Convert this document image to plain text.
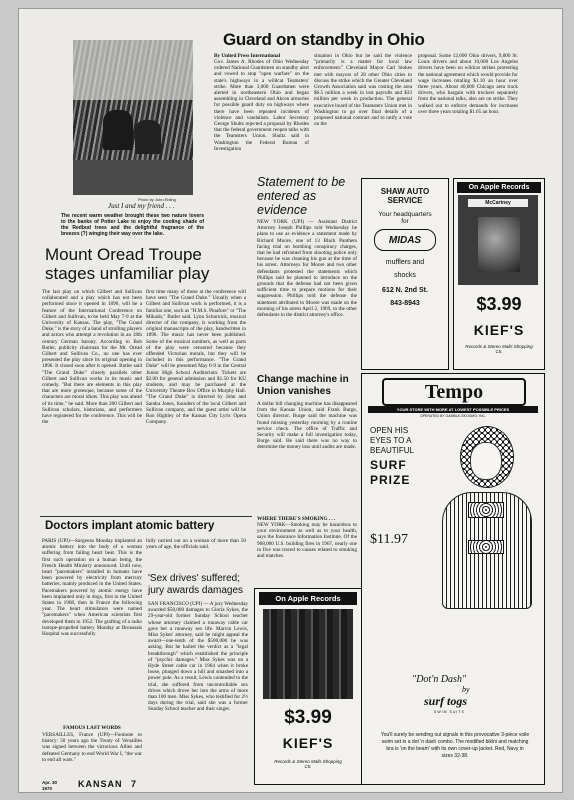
Photo by John Ebling
Just I and my friend . . .
The recent warm weather brought these two nature lovers to the banks of Potter Lake to enjoy the cooling shade of the Redbud trees and the delightful fragrance of the breezes (?) winging their way over the lake.
Guard on standby in Ohio
By United Press International
Gov. James A. Rhodes of Ohio Wednesday ordered National Guardsmen on standby alert and vowed to stop "open warfare" on the state's highways in a wildcat Teamsters' strike. More than 3,000 Guardsmen were alerted in northeastern Ohio and began assembling in Cleveland and Akron armories for possible guard duty on highways where there have been repeated incidents of violence and vandalism. Labor Secretary George Shultz rejected a proposal by Rhodes that the federal government reopen talks with the Teamsters Union. Shultz said in Washington the Federal Bureau of Investigation
situation in Ohio but he said the violence "primarily is a matter for local law enforcement." Cleveland Mayor Carl Stokes met with mayors of 28 other Ohio cities to discuss the strike which the Greater Cleveland Growth Association said was costing the area $6.5 million a week in lost payrolls and $33 million per week in production. The general executive board of the Teamsters Union met in Washington to go over final details of a proposed national contract and to ratify a vote on the
proposal. Some 12,600 Ohio drivers, 9,000 St. Louis drivers and about 10,000 Los Angeles drivers have been on wildcat strikes protesting the national agreement which would provide for wage increases totaling $1.10 an hour over three years. About 40,000 Chicago area truck drivers, who bargain with truckers separately from the national talks, also are on strike. They walked out to enforce demands for increases over three years totaling $1.65 an hour.
Statement to be entered as evidence
NEW YORK (UPI) — Assistant District Attorney Joseph Phillips told Wednesday he plans to use as evidence a statement made by Richard Moore, one of 13 Black Panthers facing trial on bombing conspiracy charges, that he had refrained from shooting police only because he was cleaning his gun at the time of his arrest. Attorneys for Moore and two other defendants protested the statements which Phillips said he planned to introduce on the grounds that the defense had not been given sufficient time to prepare motions for their suppression. Phillips told the defense the statement attributed to Moore was made on the morning of his arrest April 2, 1969, to the other defendants in the district attorney's office.
Change machine in Union vanishes
A dollar bill changing machine has disappeared from the Kansas Union, said Frank Burge, Union director. Burge said the machine was found missing yesterday morning by a routine service check. The office of Traffic and Security will make a full investigation today, Burge said. He said there was no way to determine the money loss until audits are made.
WHERE THERE'S SMOKING . . .
NEW YORK—Smoking may be hazardous to your environment as well as to your health, says the Insurance Information Institute. Of the 968,000 U.S. building fires in 1967, nearly one in five was traced to causes related to smoking and matches.
Mount Oread Troupe stages unfamiliar play
The last play on which Gilbert and Sullivan collaborated and a play which has not been performed since it opened in 1896, will be a feature of the International Conference on Gilbert and Sullivan, to be held May 7-9 at the University of Kansas. The play, "The Grand Duke," is the story of a band of strolling players and actors who attempt a revolution in an 18th century German barony. According to Bob Butler, publicity chairman for the Mt. Oread Gilbert and Sullivan Co., no one has ever presented the play since its original opening in 1896. It closed soon after it opened. Butler said "The Grand Duke" closely parallels other Gilbert and Sullivan works in its music and comedy. "But there are elements in this play that are more grotesque, because some of the characters are moral idiots. This play was ahead of its time," he said. More than 200 Gilbert and Sullivan scholars, historians, and performers have registered for the conference. This will be the
first time many of those at the conference will have seen "The Grand Duke." Usually when a Gilbert and Sullivan work is performed, it is a familiar one, such as "H.M.S. Pinafore" or "The Mikado," Butler said. Lynn Schornick, musical director of the company, is working from the original manuscripts of the play, handwritten in 1896. The music has never been published. Some of the musical numbers, as well as parts of the play were censored because they offended Victorian morals, but they will be included in this performance. "The Grand Duke" will be presented May 6-9 in the Central Junior High School Auditorium. Tickets are $2.00 for general admission and $1.50 for KU students, and may be purchased at the University Theatre Box Office in Murphy Hall. "The Grand Duke" is directed by John and Sandra Jones, founders of the local Gilbert and Sullivan company, and the guest artist will be Ron Highley of the Kansas City Lyric Opera Company.
Doctors implant atomic battery
PARIS (UPI)—Surgeons Monday implanted an atomic battery into the body of a woman suffering from failing heart beat. This is the first such operation on a human being, the French Health Ministry announced. Until now, heart "pacemakers" installed in humans have been powered by electricity from mercury batteries, mainly produced in the United States. Pacemakers powered by atomic energy have been implanted only in dogs, first in the United States in 1968, then in France the following year. The heart stimulators were named "pacemakers" when American scientists first developed them in 1952. The grafting of a radio isotope-propelled battery Monday at Broussais Hospital was successfully
fully carried out on a woman of more than 50 years of age, the officials said.
FAMOUS LAST WORDS
VERSAILLES, France (UPI)—Footnote to history: 50 years ago the Treaty of Versailles was signed between the victorious Allies and defeated Germany to end World War I, "the war to end all wars."
'Sex drives' suffered; jury awards damages
SAN FRANCISCO (UPI) — A jury Wednesday awarded $50,000 damages to Gloria Sykes, the 29-year-old former Sunday School teacher whose attorney claimed a runaway cable car gave her a runaway sex life. Marvin Lewis, Miss Sykes' attorney, said he might appeal the award—one-tenth of the $500,000 he was asking. But he hailed the verdict as a "legal breakthrough" which established the principle of "psychic damages." Miss Sykes was on a Hyde Street cable car in 1964 when it broke loose, plunged down a hill and smashed into a power pole. As a result, Lewis contended to the trial, she suffered from uncontrollable sex drives which drove her into the arms of more than 100 men. Miss Sykes, who testified for 2½ days during the trial, said she was a former Sunday School teacher and their singer.
Apr. 30
1970	KANSAN 7
SHAW AUTO SERVICE
Your headquarters
for
MIDAS
mufflers and
shocks
612 N. 2nd St.
843-8943
On Apple Records
McCartney
$3.99
KIEF'S
Records & Stereo Malls Shopping Ctr.
On Apple Records
$3.99
KIEF'S
Records & Stereo Malls Shopping Ctr.
Tempo
YOUR STORE WITH MORE AT LOWEST POSSIBLE PRICES
OPERATED BY GAMBLE-SKOGMO, INC.
OPEN HIS
EYES TO A
BEAUTIFUL
SURF
PRIZE
$11.97
"Dot'n Dash"
by
surf togs
SWIM SUITS
You'll surely be sending out signals in this provocative 3-piece voile swim set in a dot 'n dash combo. The modified bikini and matching bra is 'on the beam' with its own cover-up jacket. Red, Navy in sizes 32-38.
